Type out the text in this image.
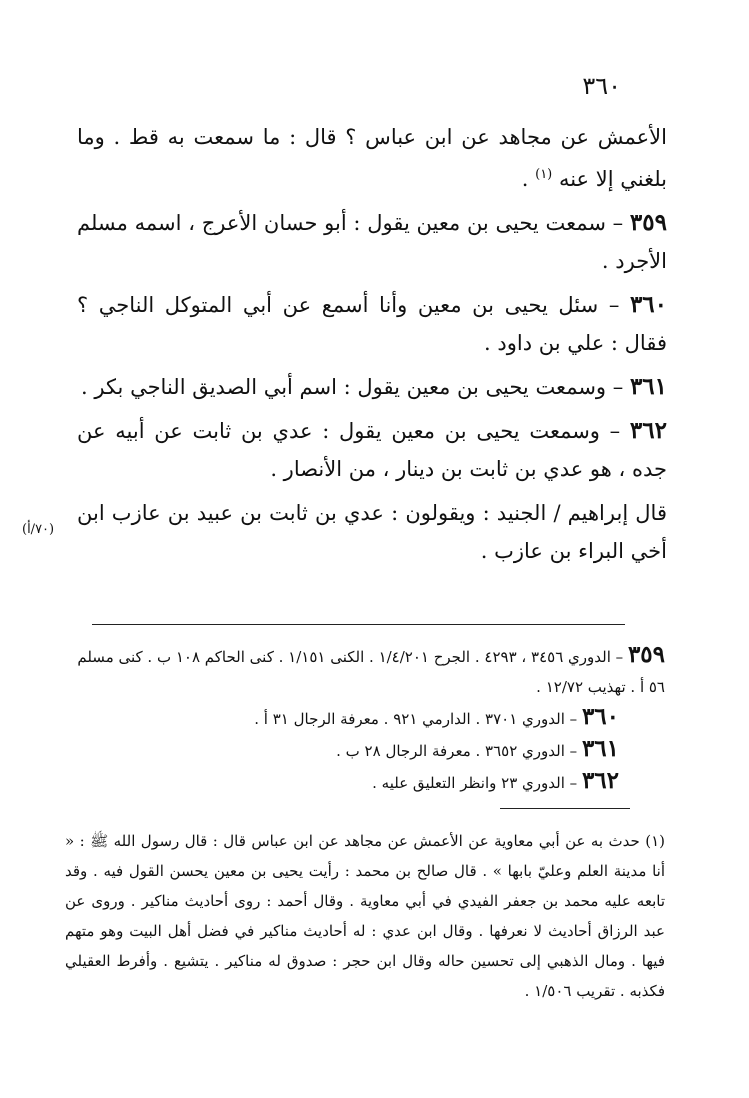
٣٦٠

الأعمش عن مجاهد عن ابن عباس ؟ قال : ما سمعت به قط . وما بلغني إلا عنه $^{(١)}$ .

٣٥٩ – سمعت يحيى بن معين يقول : أبو حسان الأعرج ، اسمه مسلم الأجرد .

٣٦٠ – سئل يحيى بن معين وأنا أسمع عن أبي المتوكل الناجي ؟ فقال : علي بن داود .

٣٦١ – وسمعت يحيى بن معين يقول : اسم أبي الصديق الناجي بكر .

٣٦٢ – وسمعت يحيى بن معين يقول : عدي بن ثابت عن أبيه عن جده ، هو عدي بن ثابت بن دينار ، من الأنصار .

قال إبراهيم / الجنيد : ويقولون : عدي بن ثابت بن عبيد بن عازب ابن أخي البراء بن عازب .

(٧٠/أ)

٣٥٩ – الدوري ٣٤٥٦ ، ٤٢٩٣ . الجرح ١/٤/٢٠١ . الكنى ١/١٥١ . كنى الحاكم ١٠٨ ب . كنى مسلم ٥٦ أ . تهذيب ١٢/٧٢ .

٣٦٠ – الدوري ٣٧٠١ . الدارمي ٩٢١ . معرفة الرجال ٣١ أ .

٣٦١ – الدوري ٣٦٥٢ . معرفة الرجال ٢٨ ب .

٣٦٢ – الدوري ٢٣ وانظر التعليق عليه .

(١) حدث به عن أبي معاوية عن الأعمش عن مجاهد عن ابن عباس قال : قال رسول الله ﷺ : « أنا مدينة العلم وعليّ بابها » . قال صالح بن محمد : رأيت يحيى بن معين يحسن القول فيه . وقد تابعه عليه محمد بن جعفر الفيدي في أبي معاوية . وقال أحمد : روى أحاديث مناكير . وروى عن عبد الرزاق أحاديث لا نعرفها . وقال ابن عدي : له أحاديث مناكير في فضل أهل البيت وهو متهم فيها . ومال الذهبي إلى تحسين حاله وقال ابن حجر : صدوق له مناكير . يتشيع . وأفرط العقيلي فكذبه . تقريب ١/٥٠٦ .
